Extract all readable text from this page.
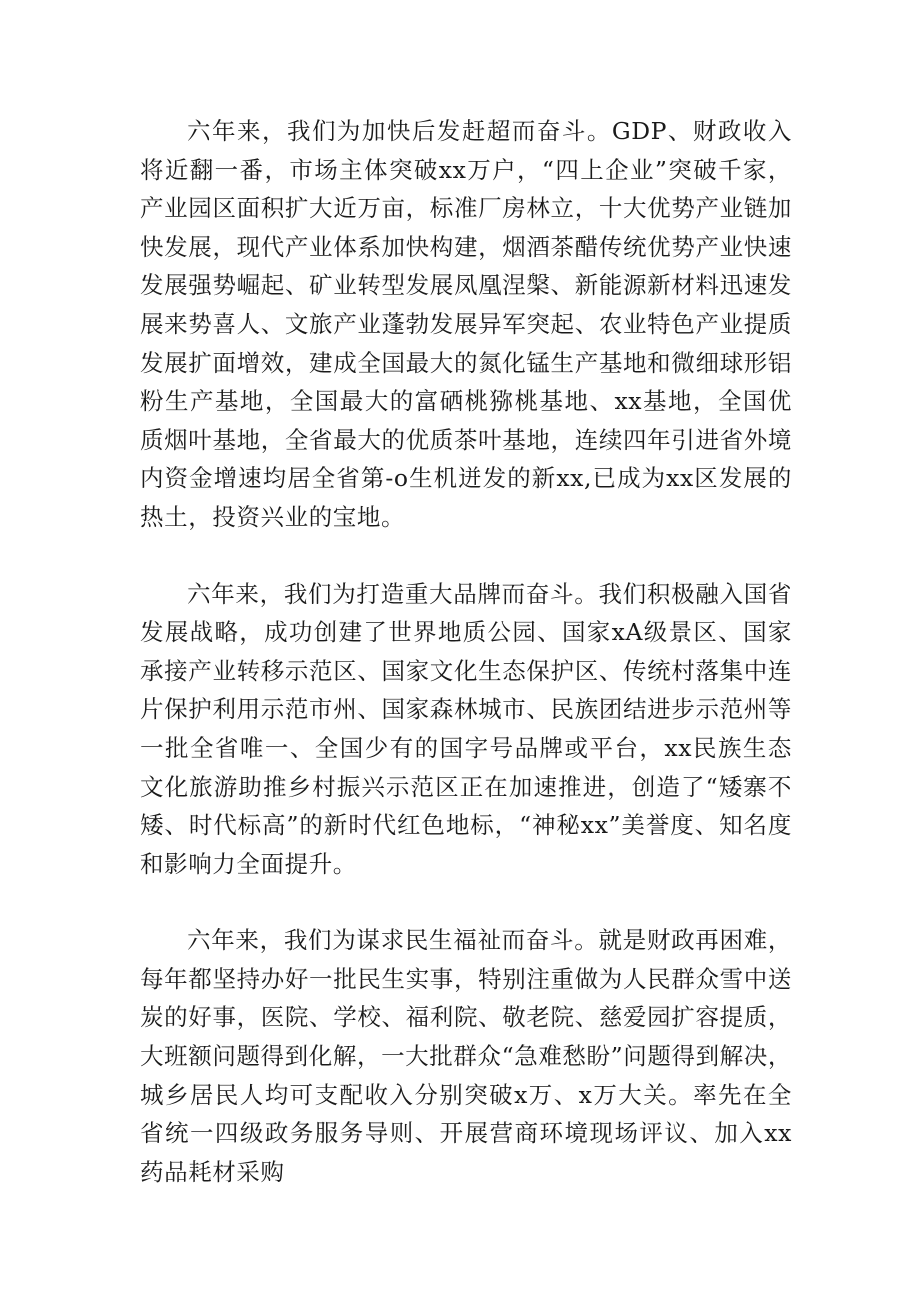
六年来，我们为加快后发赶超而奋斗。GDP、财政收入将近翻一番，市场主体突破xx万户，“四上企业”突破千家，产业园区面积扩大近万亩，标准厂房林立，十大优势产业链加快发展，现代产业体系加快构建，烟酒茶醋传统优势产业快速发展强势崛起、矿业转型发展凤凰涅槃、新能源新材料迅速发展来势喜人、文旅产业蓬勃发展异军突起、农业特色产业提质发展扩面增效，建成全国最大的氮化锰生产基地和微细球形铝粉生产基地，全国最大的富硒桃猕桃基地、xx基地，全国优质烟叶基地，全省最大的优质茶叶基地，连续四年引进省外境内资金增速均居全省第-o生机迸发的新xx,已成为xx区发展的热土，投资兴业的宝地。

六年来，我们为打造重大品牌而奋斗。我们积极融入国省发展战略，成功创建了世界地质公园、国家xA级景区、国家承接产业转移示范区、国家文化生态保护区、传统村落集中连片保护利用示范市州、国家森林城市、民族团结进步示范州等一批全省唯一、全国少有的国字号品牌或平台，xx民族生态文化旅游助推乡村振兴示范区正在加速推进，创造了“矮寨不矮、时代标高”的新时代红色地标，“神秘xx”美誉度、知名度和影响力全面提升。

六年来，我们为谋求民生福祉而奋斗。就是财政再困难，每年都坚持办好一批民生实事，特别注重做为人民群众雪中送炭的好事，医院、学校、福利院、敬老院、慈爱园扩容提质，大班额问题得到化解，一大批群众“急难愁盼”问题得到解决，城乡居民人均可支配收入分别突破x万、x万大关。率先在全省统一四级政务服务导则、开展营商环境现场评议、加入xx药品耗材采购
